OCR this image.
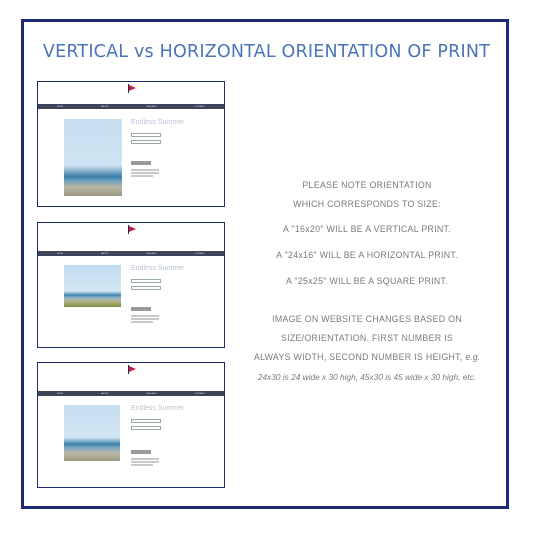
VERTICAL vs HORIZONTAL ORIENTATION OF PRINT
SHOP	ABOUT	GALLERY	CONTACT
Endless Summer
SHOP	ABOUT	GALLERY	CONTACT
Endless Summer
SHOP	ABOUT	GALLERY	CONTACT
Endless Summer
PLEASE NOTE ORIENTATION
WHICH CORRESPONDS TO SIZE:
A "16x20" WILL BE A VERTICAL PRINT.
A "24x16" WILL BE A HORIZONTAL PRINT.
A "25x25" WILL BE A SQUARE PRINT.
IMAGE ON WEBSITE CHANGES BASED ON
SIZE/ORIENTATION. FIRST NUMBER IS
ALWAYS WIDTH, SECOND NUMBER IS HEIGHT, e.g.
24x30 is 24 wide x 30 high, 45x30 is 45 wide x 30 high, etc.
